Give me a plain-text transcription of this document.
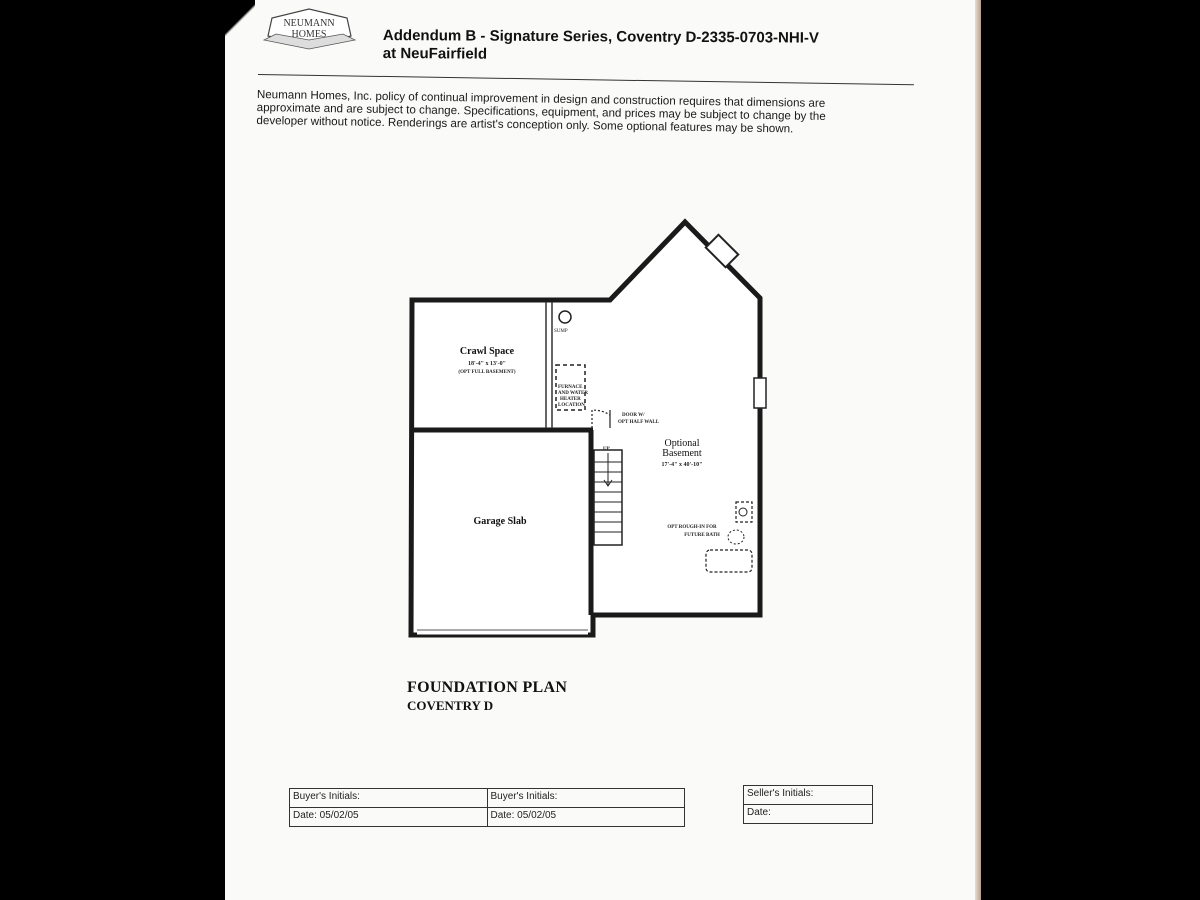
NEUMANN
HOMES	Addendum B - Signature Series, Coventry D-2335-0703-NHI-V
at NeuFairfield
Neumann Homes, Inc. policy of continual improvement in design and construction requires that dimensions are approximate and are subject to change. Specifications, equipment, and prices may be subject to change by the developer without notice. Renderings are artist's conception only. Some optional features may be shown.
SUMP
Crawl Space
18'-4" x 13'-0"
(OPT FULL BASEMENT)
FURNACE
AND WATER
HEATER
LOCATION
DOOR W/
OPT HALF WALL
UP
Optional
Basement
17'-4" x 40'-10"
OPT ROUGH-IN FOR
FUTURE BATH
Garage Slab
FOUNDATION PLAN
COVENTRY D
Buyer's Initials:	Buyer's Initials:
Date: 05/02/05	Date: 05/02/05
Seller's Initials:
Date:
